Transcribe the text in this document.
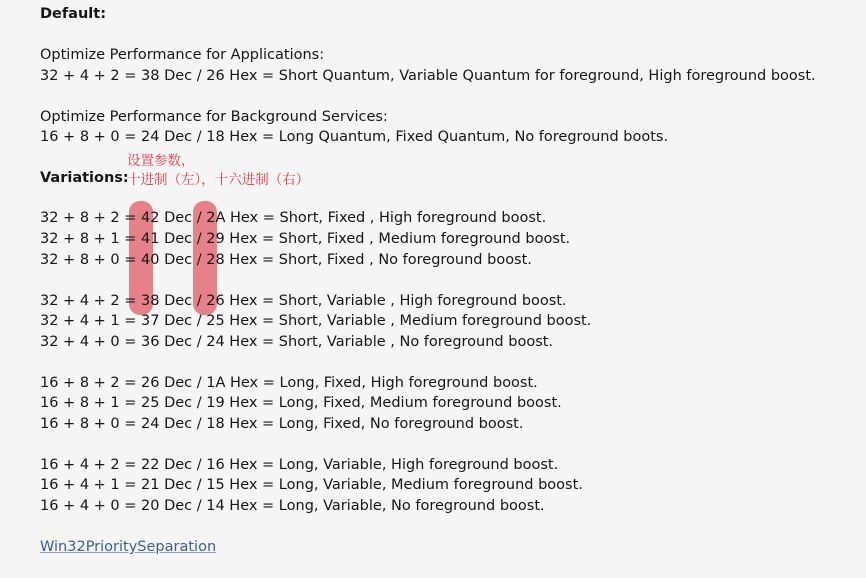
Default:
Optimize Performance for Applications:
32 + 4 + 2 = 38 Dec / 26 Hex = Short Quantum, Variable Quantum for foreground, High foreground boost.
Optimize Performance for Background Services:
16 + 8 + 0 = 24 Dec / 18 Hex = Long Quantum, Fixed Quantum, No foreground boots.
Variations:
设置参数，
十进制（左），十六进制（右）
32 + 8 + 2 = 42 Dec / 2A Hex = Short, Fixed , High foreground boost.
32 + 8 + 1 = 41 Dec / 29 Hex = Short, Fixed , Medium foreground boost.
32 + 8 + 0 = 40 Dec / 28 Hex = Short, Fixed , No foreground boost.
32 + 4 + 2 = 38 Dec / 26 Hex = Short, Variable , High foreground boost.
32 + 4 + 1 = 37 Dec / 25 Hex = Short, Variable , Medium foreground boost.
32 + 4 + 0 = 36 Dec / 24 Hex = Short, Variable , No foreground boost.
16 + 8 + 2 = 26 Dec / 1A Hex = Long, Fixed, High foreground boost.
16 + 8 + 1 = 25 Dec / 19 Hex = Long, Fixed, Medium foreground boost.
16 + 8 + 0 = 24 Dec / 18 Hex = Long, Fixed, No foreground boost.
16 + 4 + 2 = 22 Dec / 16 Hex = Long, Variable, High foreground boost.
16 + 4 + 1 = 21 Dec / 15 Hex = Long, Variable, Medium foreground boost.
16 + 4 + 0 = 20 Dec / 14 Hex = Long, Variable, No foreground boost.
Win32PrioritySeparation
